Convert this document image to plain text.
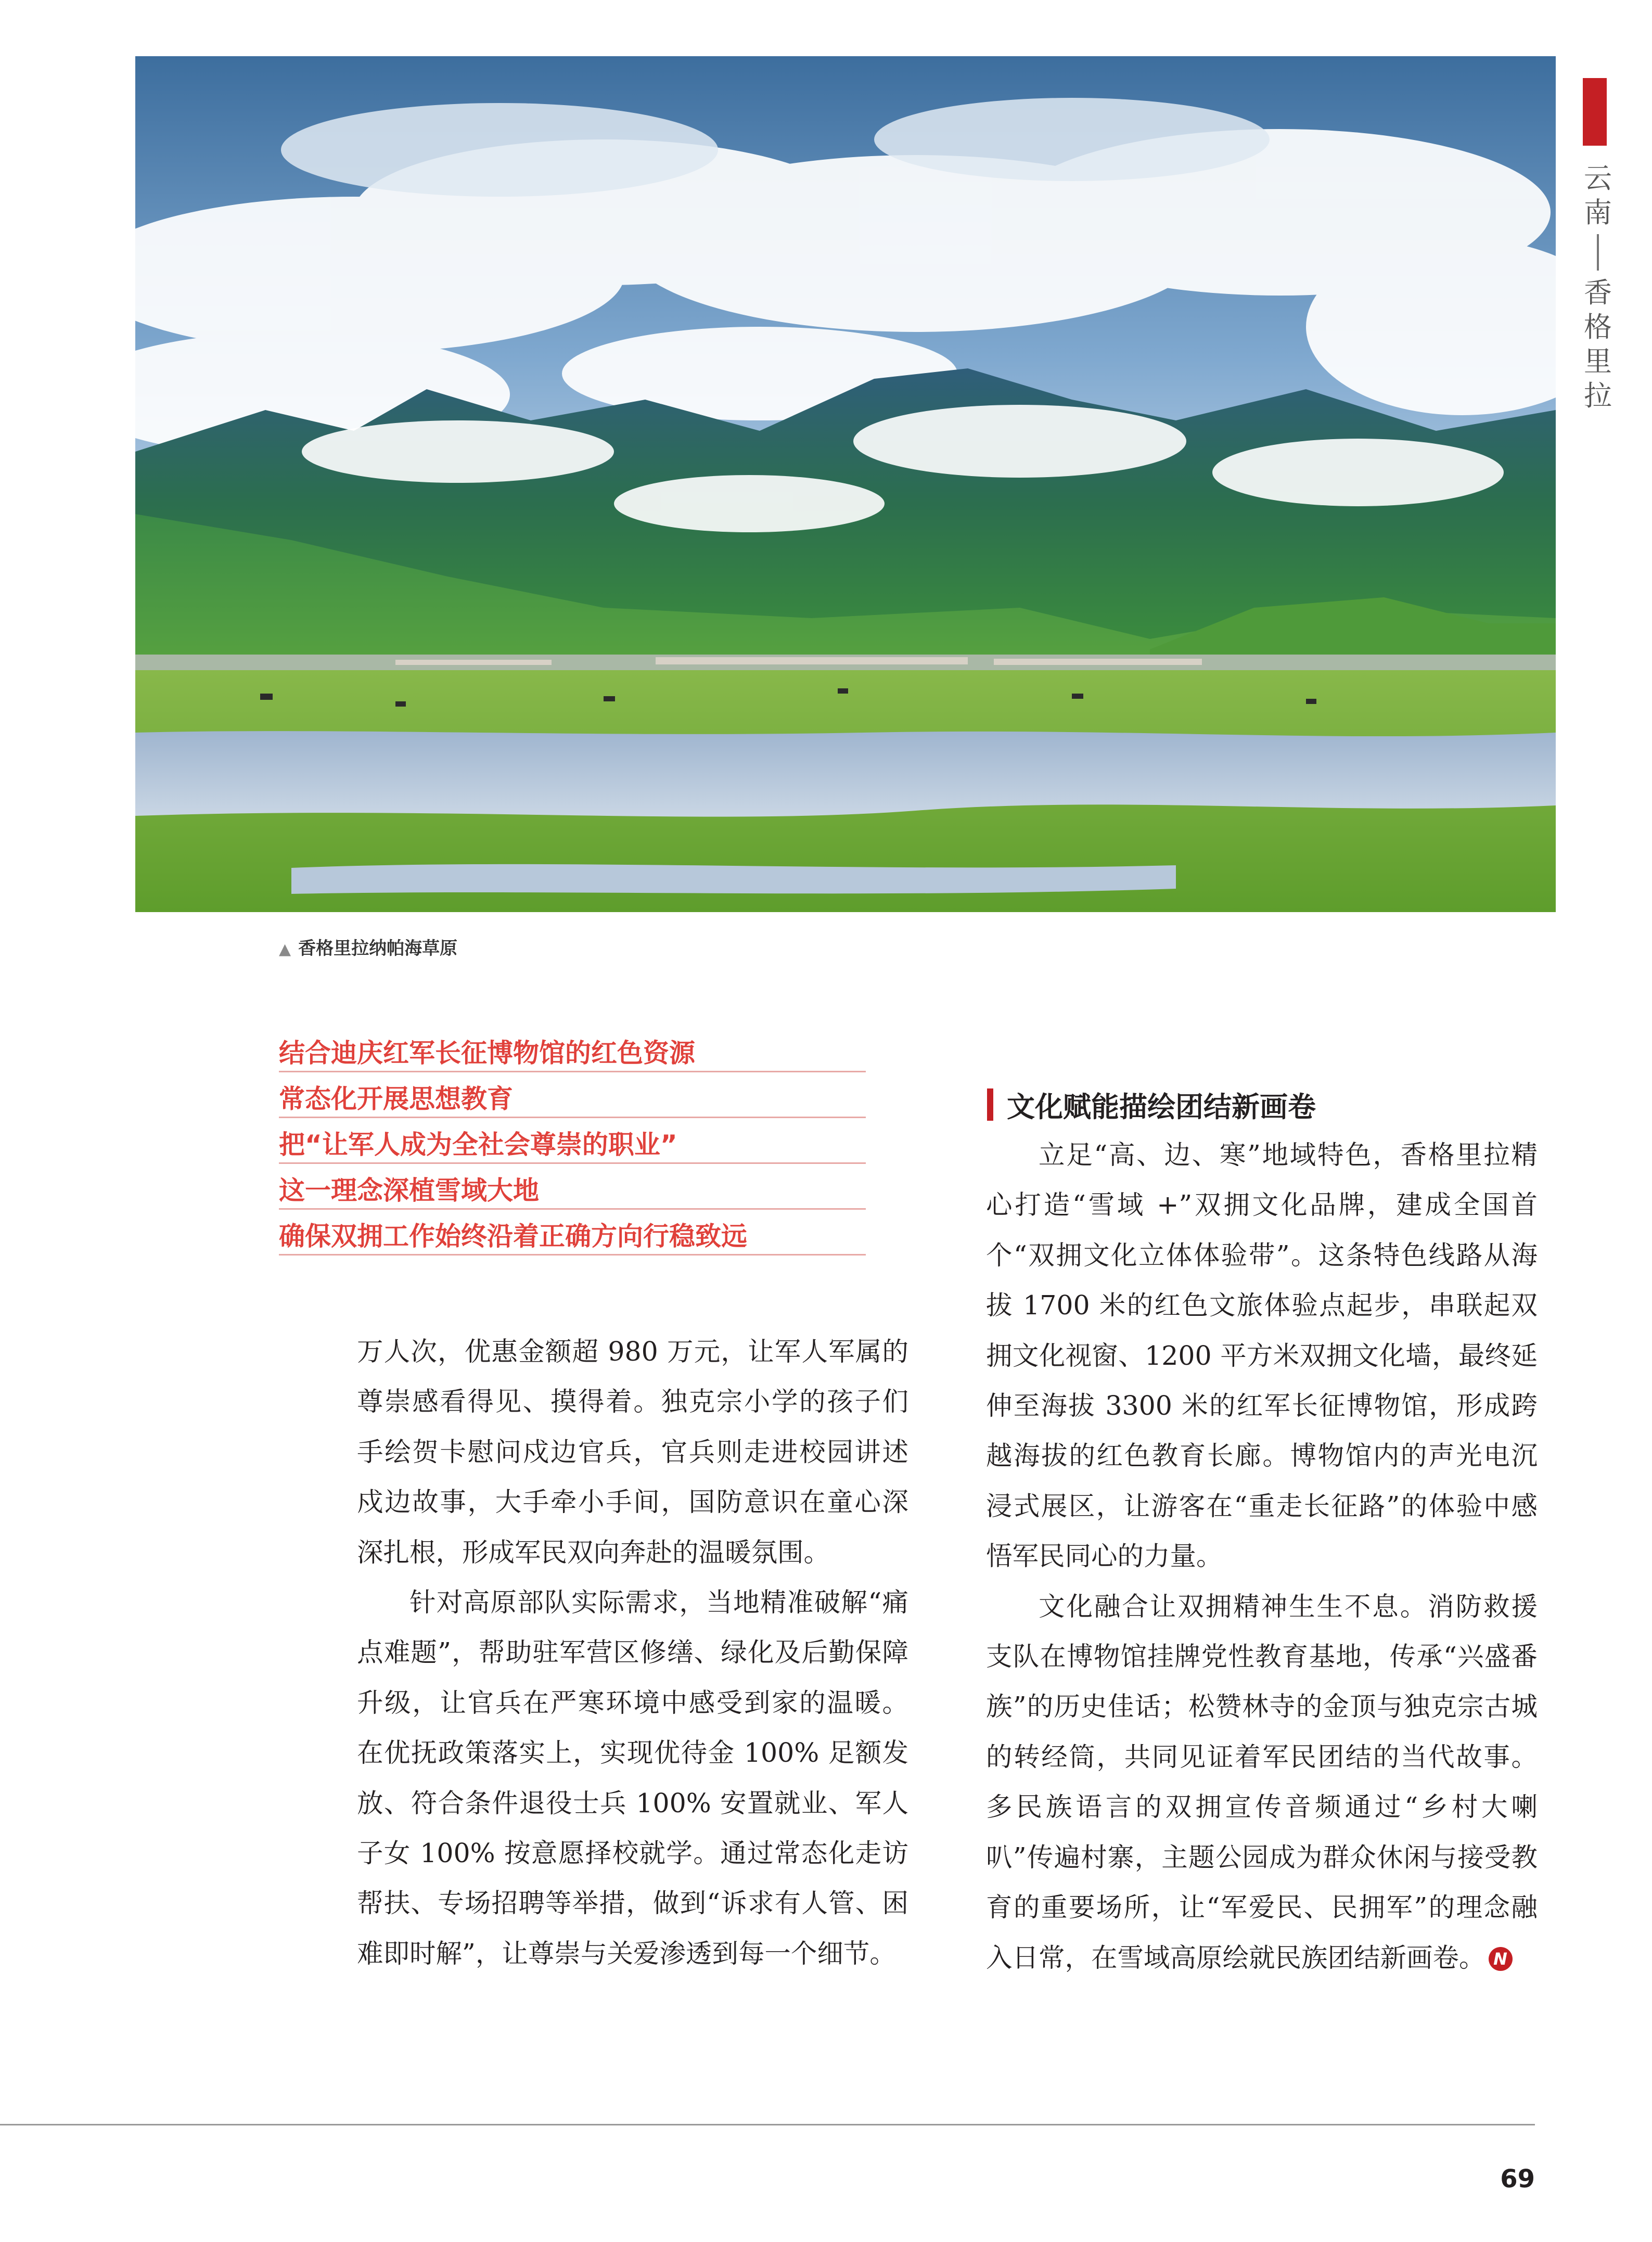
云
南
香
格
里
拉
▲ 香格里拉纳帕海草原
结合迪庆红军长征博物馆的红色资源
常态化开展思想教育
把“让军人成为全社会尊崇的职业”
这一理念深植雪域大地
确保双拥工作始终沿着正确方向行稳致远

万人次，优惠金额超 980 万元，让军人军属的尊崇感看得见、摸得着。独克宗小学的孩子们手绘贺卡慰问戍边官兵，官兵则走进校园讲述戍边故事，大手牵小手间，国防意识在童心深深扎根，形成军民双向奔赴的温暖氛围。

针对高原部队实际需求，当地精准破解“痛点难题”，帮助驻军营区修缮、绿化及后勤保障升级，让官兵在严寒环境中感受到家的温暖。在优抚政策落实上，实现优待金 100% 足额发放、符合条件退役士兵 100% 安置就业、军人子女 100% 按意愿择校就学。通过常态化走访帮扶、专场招聘等举措，做到“诉求有人管、困难即时解”，让尊崇与关爱渗透到每一个细节。

文化赋能描绘团结新画卷

立足“高、边、寒”地域特色，香格里拉精心打造“雪域 +”双拥文化品牌，建成全国首个“双拥文化立体体验带”。这条特色线路从海拔 1700 米的红色文旅体验点起步，串联起双拥文化视窗、1200 平方米双拥文化墙，最终延伸至海拔 3300 米的红军长征博物馆，形成跨越海拔的红色教育长廊。博物馆内的声光电沉浸式展区，让游客在“重走长征路”的体验中感悟军民同心的力量。

文化融合让双拥精神生生不息。消防救援支队在博物馆挂牌党性教育基地，传承“兴盛番族”的历史佳话；松赞林寺的金顶与独克宗古城的转经筒，共同见证着军民团结的当代故事。多民族语言的双拥宣传音频通过“乡村大喇叭”传遍村寨，主题公园成为群众休闲与接受教育的重要场所，让“军爱民、民拥军”的理念融入日常，在雪域高原绘就民族团结新画卷。 N

69
